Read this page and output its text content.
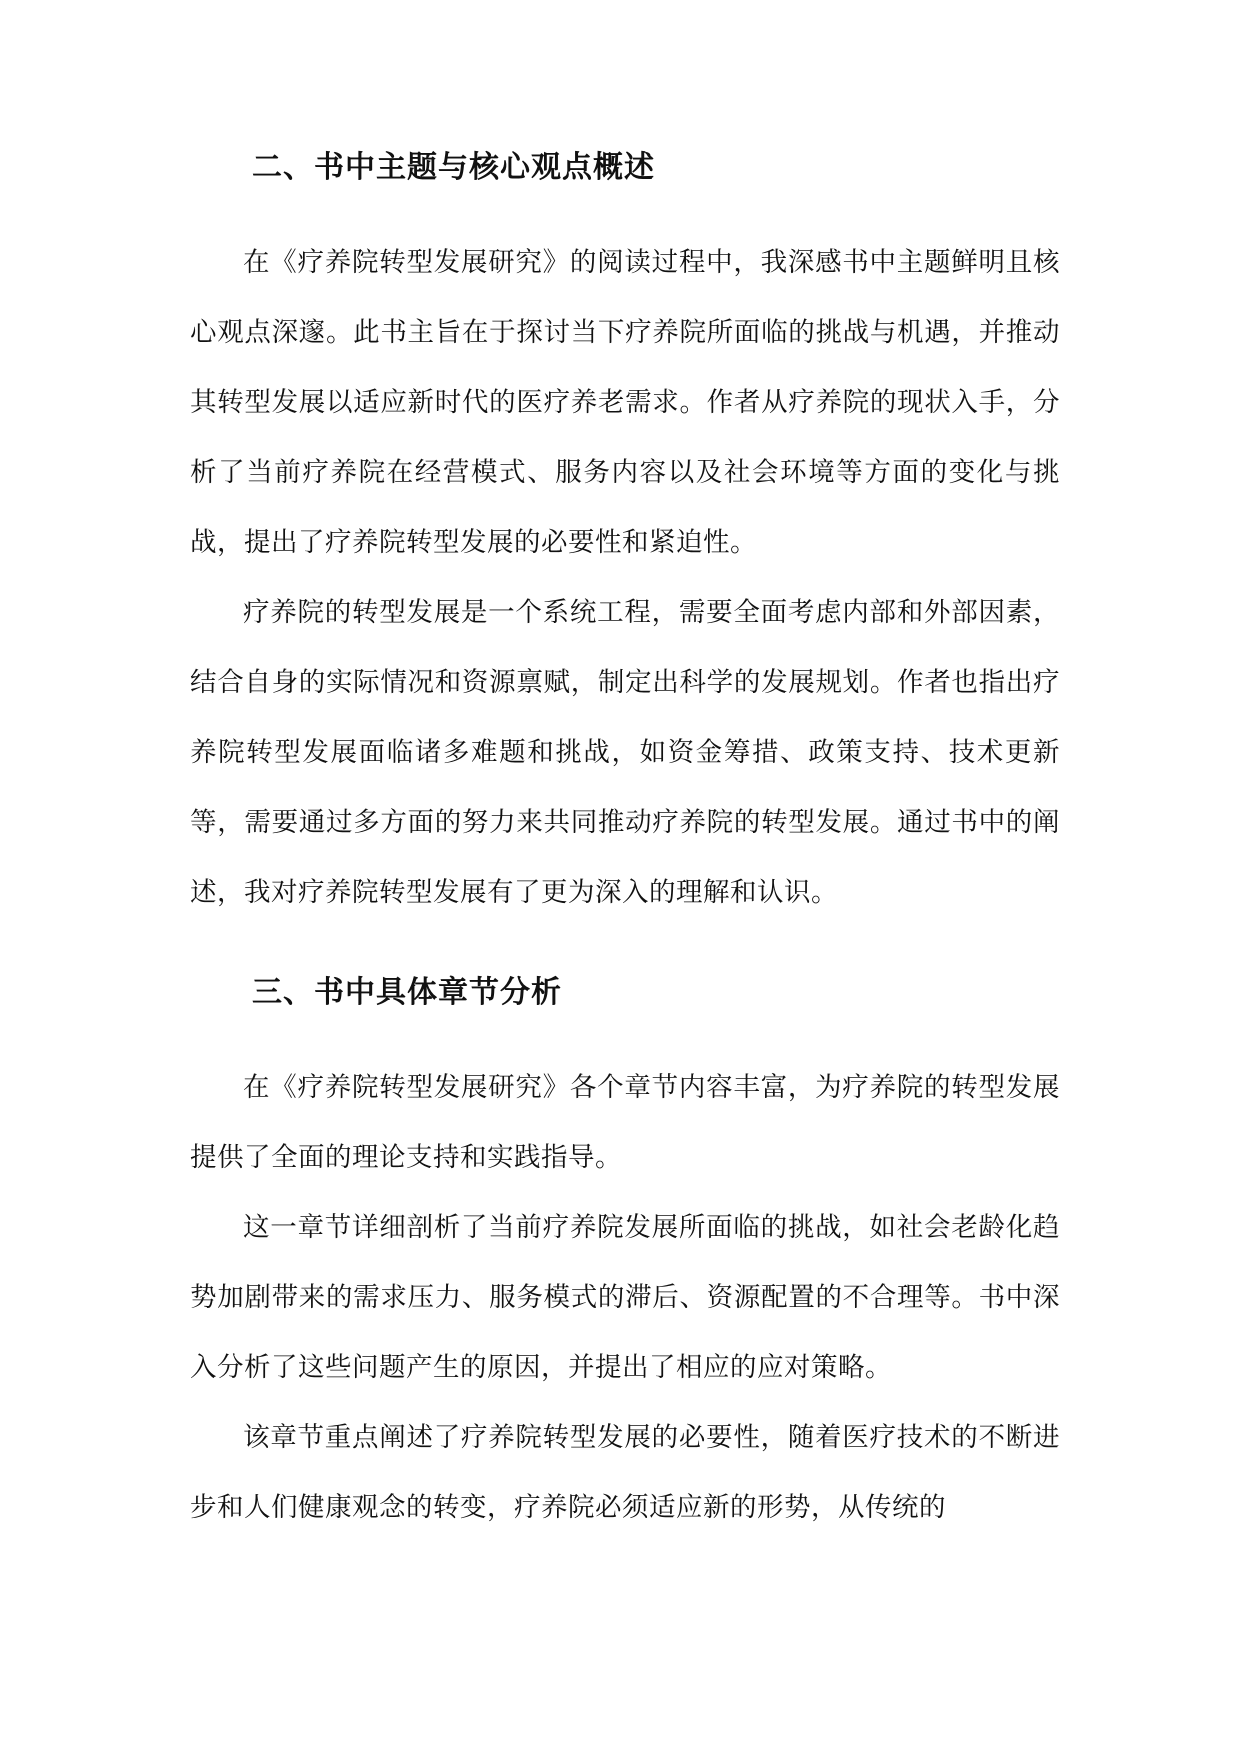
二、书中主题与核心观点概述

在《疗养院转型发展研究》的阅读过程中，我深感书中主题鲜明且核心观点深邃。此书主旨在于探讨当下疗养院所面临的挑战与机遇，并推动其转型发展以适应新时代的医疗养老需求。作者从疗养院的现状入手，分析了当前疗养院在经营模式、服务内容以及社会环境等方面的变化与挑战，提出了疗养院转型发展的必要性和紧迫性。

疗养院的转型发展是一个系统工程，需要全面考虑内部和外部因素，结合自身的实际情况和资源禀赋，制定出科学的发展规划。作者也指出疗养院转型发展面临诸多难题和挑战，如资金筹措、政策支持、技术更新等，需要通过多方面的努力来共同推动疗养院的转型发展。通过书中的阐述，我对疗养院转型发展有了更为深入的理解和认识。

三、书中具体章节分析

在《疗养院转型发展研究》各个章节内容丰富，为疗养院的转型发展提供了全面的理论支持和实践指导。

这一章节详细剖析了当前疗养院发展所面临的挑战，如社会老龄化趋势加剧带来的需求压力、服务模式的滞后、资源配置的不合理等。书中深入分析了这些问题产生的原因，并提出了相应的应对策略。

该章节重点阐述了疗养院转型发展的必要性，随着医疗技术的不断进步和人们健康观念的转变，疗养院必须适应新的形势，从传统的
